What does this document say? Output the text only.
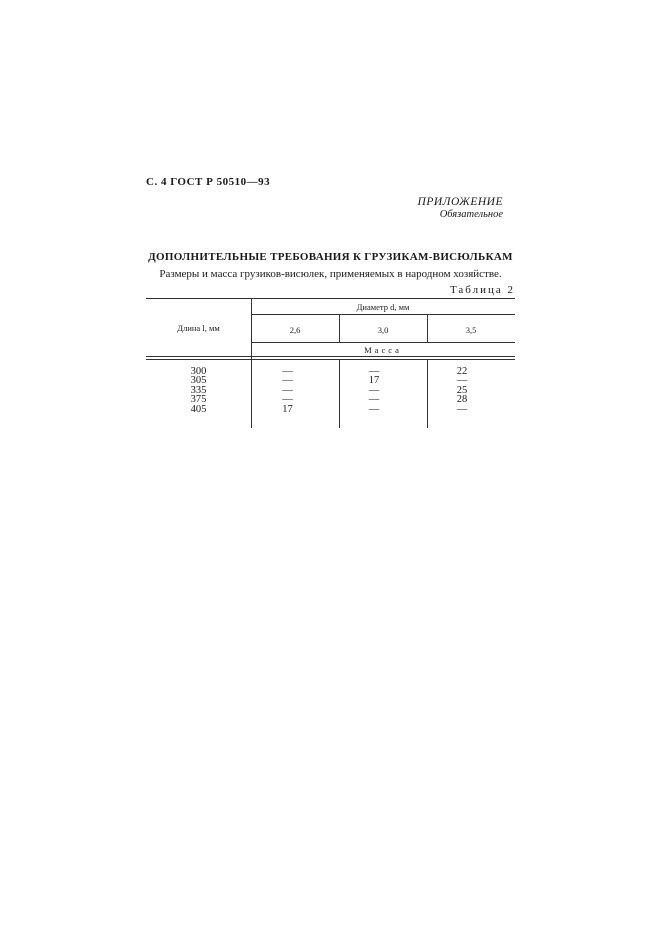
С. 4 ГОСТ Р 50510—93
ПРИЛОЖЕНИЕ
Обязательное
ДОПОЛНИТЕЛЬНЫЕ ТРЕБОВАНИЯ К ГРУЗИКАМ-ВИСЮЛЬКАМ
Размеры и масса грузиков-висюлек, применяемых в народном хозяйстве.
Таблица 2
Длина l, мм
Диаметр d, мм
2,6	3,0	3,5
Масса
300
305
335
375
405
—
—
—
—
17
—
17
—
—
—
22
—
25
28
—
